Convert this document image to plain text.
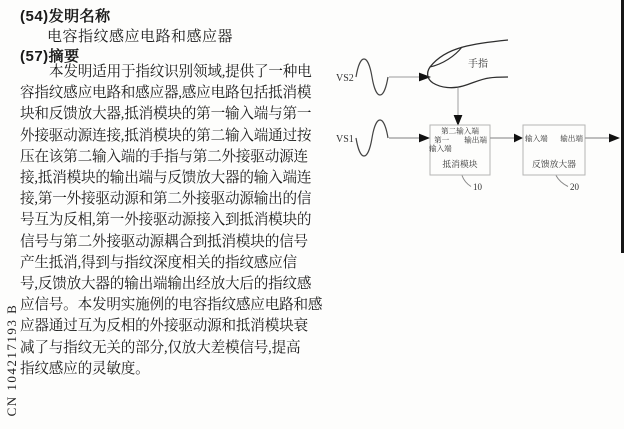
(54)发明名称
电容指纹感应电路和感应器
(57)摘要
本发明适用于指纹识别领域,提供了一种电
容指纹感应电路和感应器,感应电路包括抵消模
块和反馈放大器,抵消模块的第一输入端与第一
外接驱动源连接,抵消模块的第二输入端通过按
压在该第二输入端的手指与第二外接驱动源连
接,抵消模块的输出端与反馈放大器的输入端连
接,第一外接驱动源和第二外接驱动源输出的信
号互为反相,第一外接驱动源接入到抵消模块的
信号与第二外接驱动源耦合到抵消模块的信号
产生抵消,得到与指纹深度相关的指纹感应信
号,反馈放大器的输出端输出经放大后的指纹感
应信号。本发明实施例的电容指纹感应电路和感
应器通过互为反相的外接驱动源和抵消模块衰
减了与指纹无关的部分,仅放大差模信号,提高
指纹感应的灵敏度。
CN 104217193 B
VS2
手指
VS1
第二输入端
第一
输入端
输出端
抵消模块
10
输入端 输出端
反馈放大器
20
